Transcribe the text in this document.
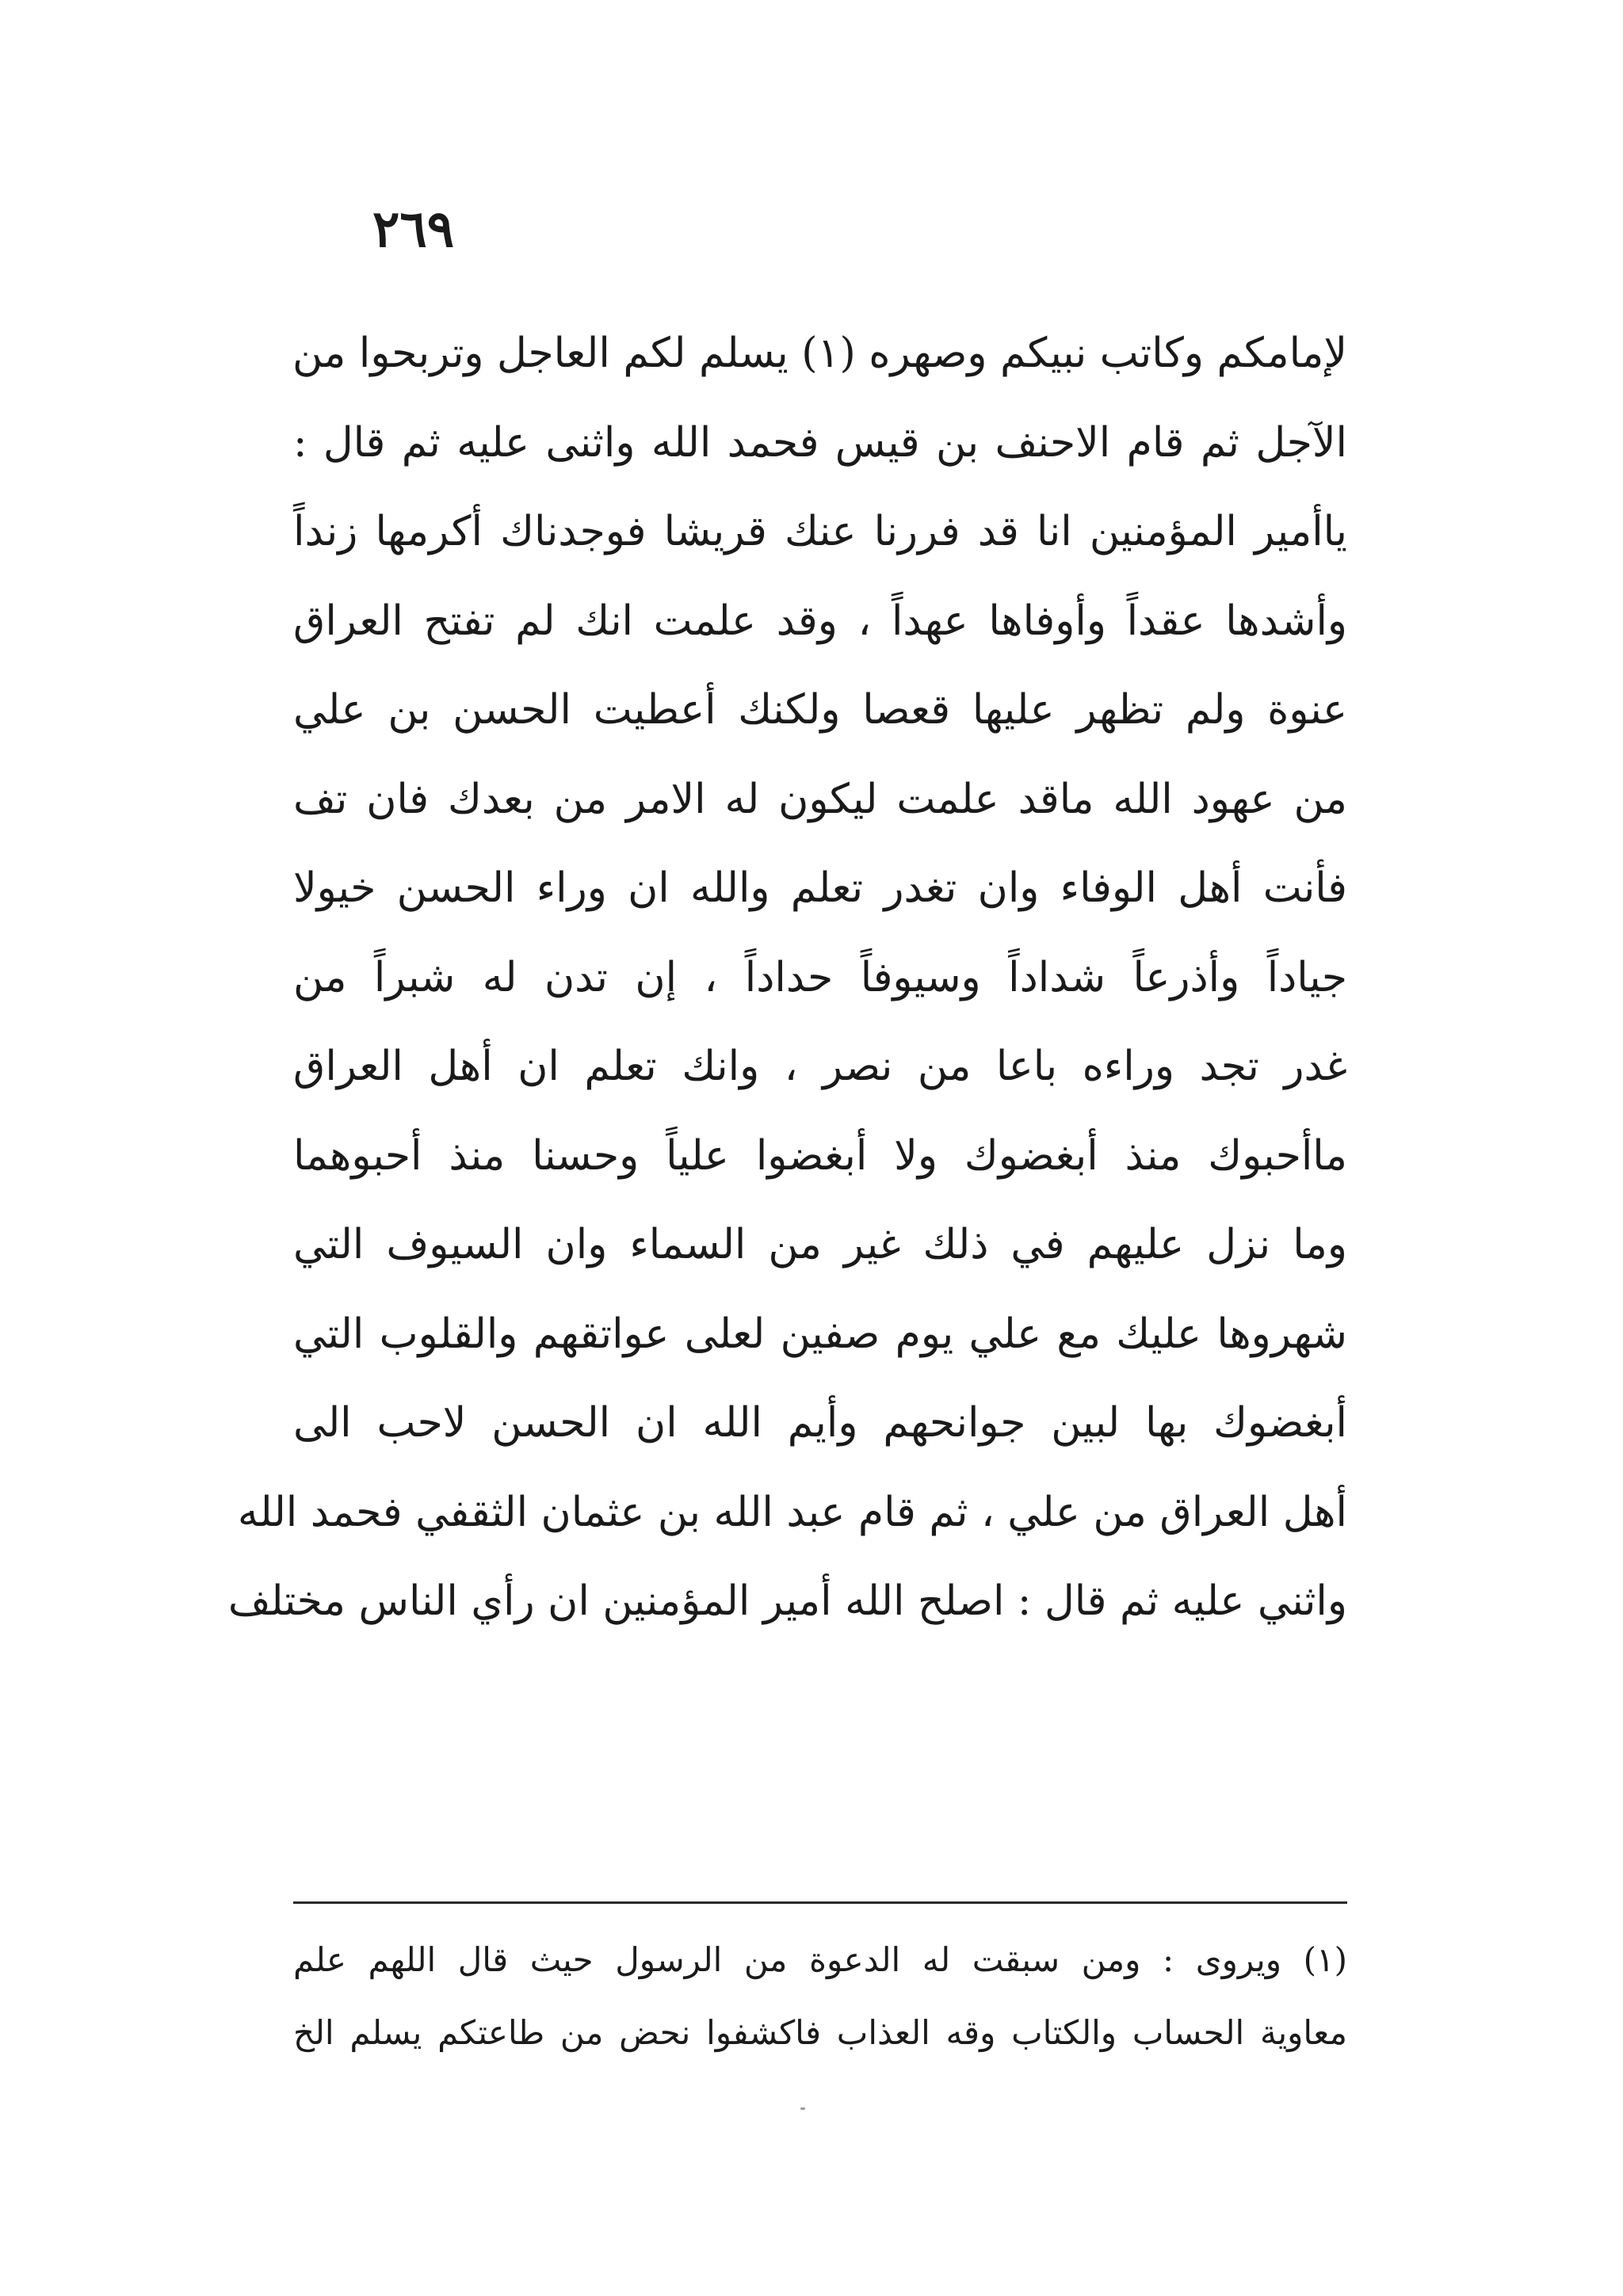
٢٦٩
لإمامكم وكاتب نبيكم وصهره (١) يسلم لكم العاجل وتربحوا من
الآجل ثم قام الاحنف بن قيس فحمد الله واثنى عليه ثم قال :
ياأمير المؤمنين انا قد فررنا عنك قريشا فوجدناك أكرمها زنداً
وأشدها عقداً وأوفاها عهداً ، وقد علمت انك لم تفتح العراق
عنوة ولم تظهر عليها قعصا ولكنك أعطيت الحسن بن علي
من عهود الله ماقد علمت ليكون له الامر من بعدك فان تف
فأنت أهل الوفاء وان تغدر تعلم والله ان وراء الحسن خيولا
جياداً وأذرعاً شداداً وسيوفاً حداداً ، إن تدن له شبراً من
غدر تجد وراءه باعا من نصر ، وانك تعلم ان أهل العراق
ماأحبوك منذ أبغضوك ولا أبغضوا علياً وحسنا منذ أحبوهما
وما نزل عليهم في ذلك غير من السماء وان السيوف التي
شهروها عليك مع علي يوم صفين لعلى عواتقهم والقلوب التي
أبغضوك بها لبين جوانحهم وأيم الله ان الحسن لاحب الى
أهل العراق من علي ، ثم قام عبد الله بن عثمان الثقفي فحمد الله
واثني عليه ثم قال : اصلح الله أمير المؤمنين ان رأي الناس مختلف
(١) ويروى : ومن سبقت له الدعوة من الرسول حيث قال اللهم علم
معاوية الحساب والكتاب وقه العذاب فاكشفوا نحض من طاعتكم يسلم الخ
